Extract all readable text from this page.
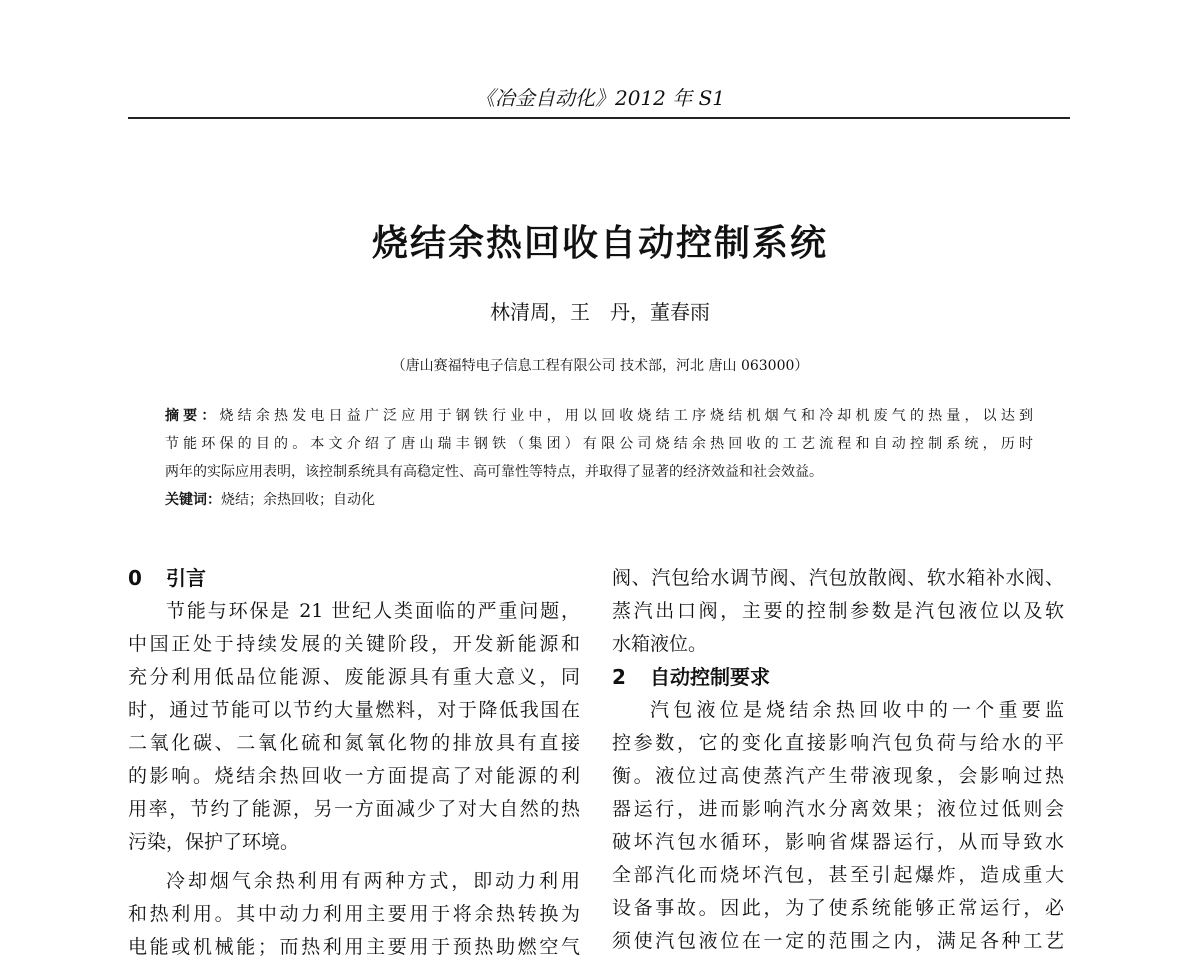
《冶金自动化》2012 年 S1
烧结余热回收自动控制系统
林清周，王　丹，董春雨
（唐山赛福特电子信息工程有限公司 技术部，河北 唐山 063000）
摘要：烧结余热发电日益广泛应用于钢铁行业中，用以回收烧结工序烧结机烟气和冷却机废气的热量，以达到
节能环保的目的。本文介绍了唐山瑞丰钢铁（集团）有限公司烧结余热回收的工艺流程和自动控制系统，历时
两年的实际应用表明，该控制系统具有高稳定性、高可靠性等特点，并取得了显著的经济效益和社会效益。
关键词：烧结；余热回收；自动化
0 引言
节能与环保是 21 世纪人类面临的严重问题，
中国正处于持续发展的关键阶段，开发新能源和
充分利用低品位能源、废能源具有重大意义，同
时，通过节能可以节约大量燃料，对于降低我国在
二氧化碳、二氧化硫和氮氧化物的排放具有直接
的影响。烧结余热回收一方面提高了对能源的利
用率，节约了能源，另一方面减少了对大自然的热
污染，保护了环境。
冷却烟气余热利用有两种方式，即动力利用
和热利用。其中动力利用主要用于将余热转换为
电能或机械能；而热利用主要用于预热助燃空气
阀、汽包给水调节阀、汽包放散阀、软水箱补水阀、
蒸汽出口阀，主要的控制参数是汽包液位以及软
水箱液位。
2 自动控制要求
汽包液位是烧结余热回收中的一个重要监
控参数，它的变化直接影响汽包负荷与给水的平
衡。液位过高使蒸汽产生带液现象，会影响过热
器运行，进而影响汽水分离效果；液位过低则会
破坏汽包水循环，影响省煤器运行，从而导致水
全部汽化而烧坏汽包，甚至引起爆炸，造成重大
设备事故。因此，为了使系统能够正常运行，必
须使汽包液位在一定的范围之内，满足各种工艺
